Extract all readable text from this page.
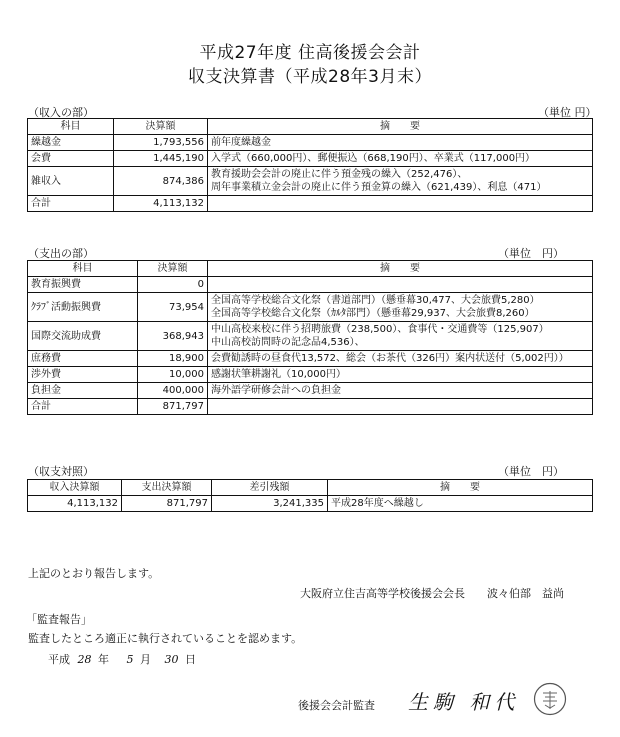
平成27年度 住高後援会会計
収支決算書（平成28年3月末）
（収入の部）	（単位 円）
科目	決算額	摘　　要
繰越金	1,793,556	前年度繰越金

会費	1,445,190	入学式（660,000円）、郵便振込（668,190円）、卒業式（117,000円）

雑収入	874,386	教育援助会会計の廃止に伴う預金残の繰入（252,476）、
周年事業積立金会計の廃止に伴う預金算の繰入（621,439）、利息（471）

合計	4,113,132	

（支出の部）	（単位　円）
科目	決算額	摘　　要
教育振興費	0	

ｸﾗﾌﾞ活動振興費	73,954	全国高等学校総合文化祭（書道部門）（懸垂幕30,477、大会旅費5,280）
全国高等学校総合文化祭（ｶﾙﾀ部門）（懸垂幕29,937、大会旅費8,260）

国際交流助成費	368,943	中山高校来校に伴う招聘旅費（238,500）、食事代・交通費等（125,907）
中山高校訪問時の記念品4,536）、

庶務費	18,900	会費勧誘時の昼食代13,572、総会（お茶代（326円）案内状送付（5,002円））

渉外費	10,000	感謝状筆耕謝礼（10,000円）

負担金	400,000	海外語学研修会計への負担金

合計	871,797	

（収支対照）	（単位　円）
収入決算額	支出決算額	差引残額	摘　　要
4,113,132	871,797	3,241,335	平成28年度へ繰越し
上記のとおり報告します。
大阪府立住吉高等学校後援会会長　　波々伯部　益尚
「監査報告」
監査したところ適正に執行されていることを認めます。
平成 28 年 5 月 30 日
後援会会計監査 生駒 和代
